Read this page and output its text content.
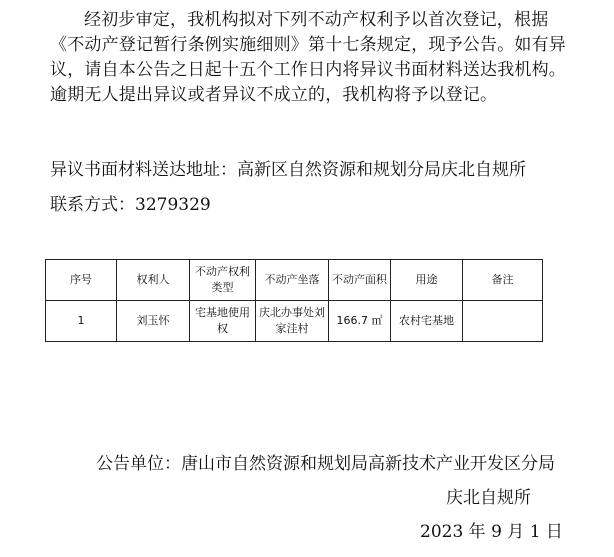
经初步审定，我机构拟对下列不动产权利予以首次登记，根据《不动产登记暂行条例实施细则》第十七条规定，现予公告。如有异议，请自本公告之日起十五个工作日内将异议书面材料送达我机构。逾期无人提出异议或者异议不成立的，我机构将予以登记。
异议书面材料送达地址：高新区自然资源和规划分局庆北自规所
联系方式：3279329
序号	权利人	不动产权利类型	不动产坐落	不动产面积	用途	备注
1	刘玉怀	宅基地使用权	庆北办事处刘家洼村	166.7 ㎡	农村宅基地	
公告单位：唐山市自然资源和规划局高新技术产业开发区分局
庆北自规所
2023 年 9 月 1 日
